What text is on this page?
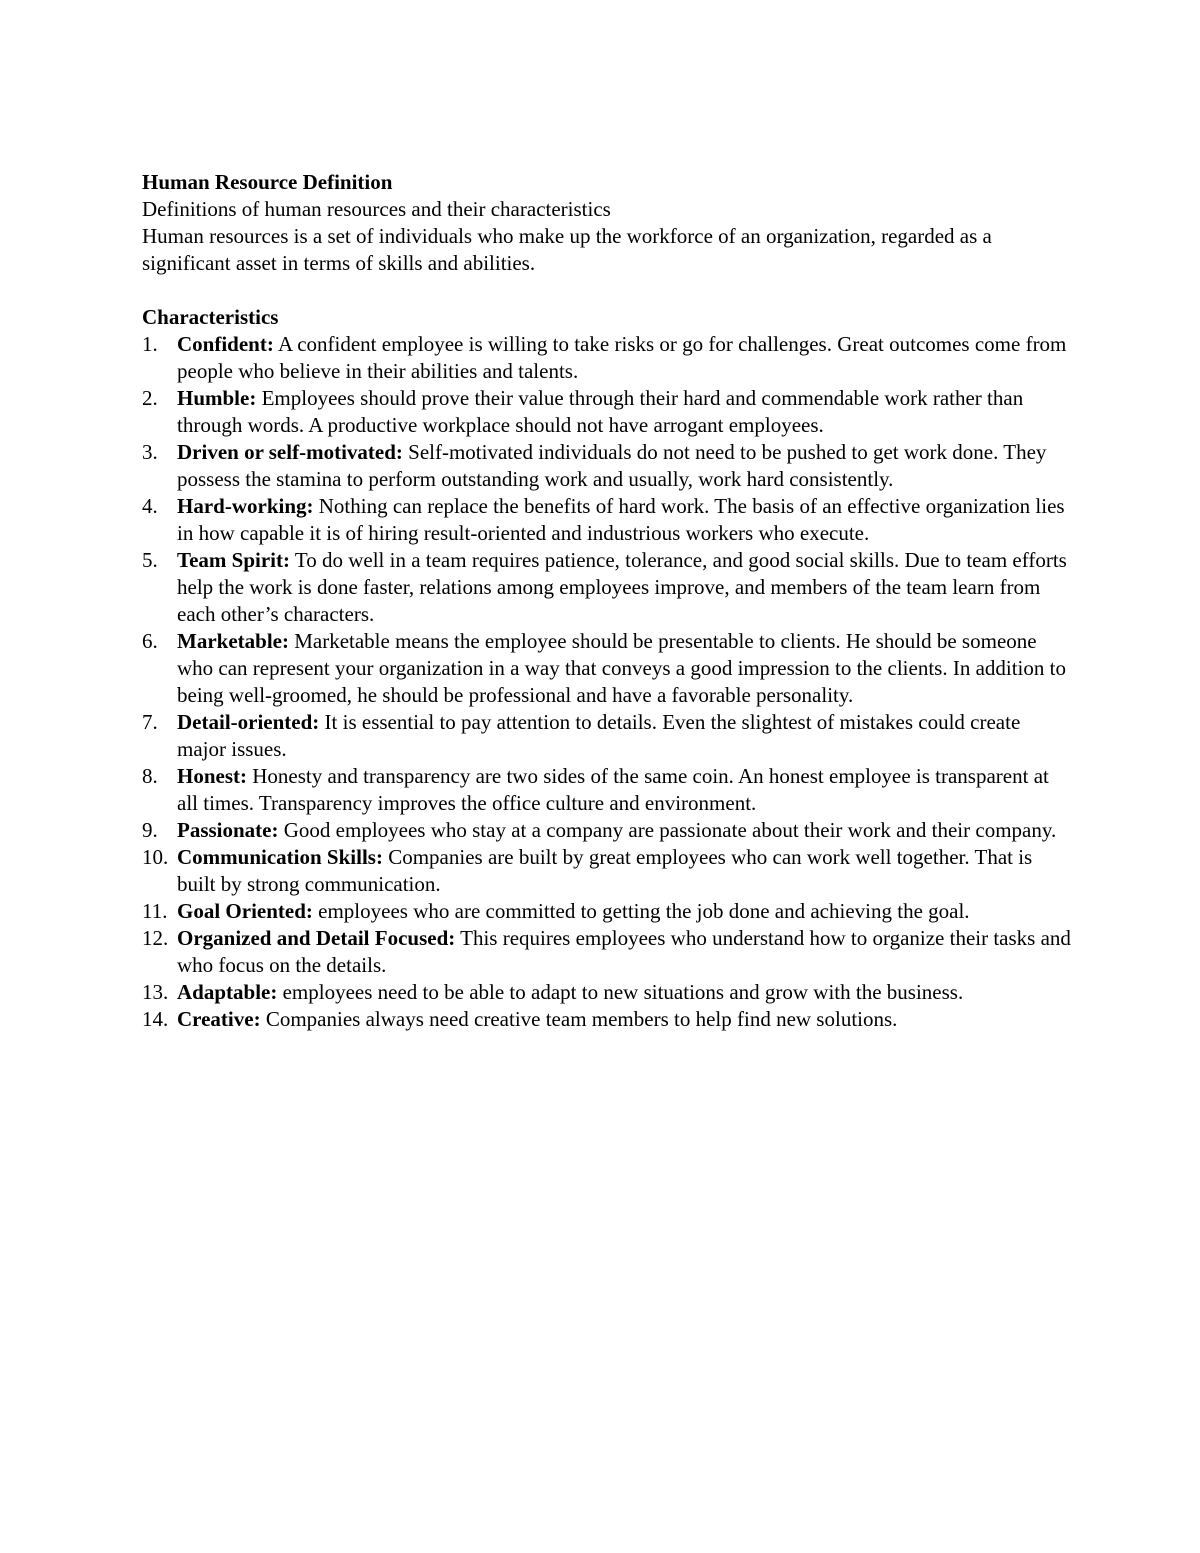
Human Resource Definition

Definitions of human resources and their characteristics

Human resources is a set of individuals who make up the workforce of an organization, regarded as a significant asset in terms of skills and abilities.

Characteristics

1. Confident: A confident employee is willing to take risks or go for challenges. Great outcomes come from people who believe in their abilities and talents.
2. Humble: Employees should prove their value through their hard and commendable work rather than through words. A productive workplace should not have arrogant employees.
3. Driven or self-motivated: Self-motivated individuals do not need to be pushed to get work done. They possess the stamina to perform outstanding work and usually, work hard consistently.
4. Hard-working: Nothing can replace the benefits of hard work. The basis of an effective organization lies in how capable it is of hiring result-oriented and industrious workers who execute.
5. Team Spirit: To do well in a team requires patience, tolerance, and good social skills. Due to team efforts help the work is done faster, relations among employees improve, and members of the team learn from each other’s characters.
6. Marketable: Marketable means the employee should be presentable to clients. He should be someone who can represent your organization in a way that conveys a good impression to the clients. In addition to being well-groomed, he should be professional and have a favorable personality.
7. Detail-oriented: It is essential to pay attention to details. Even the slightest of mistakes could create major issues.
8. Honest: Honesty and transparency are two sides of the same coin. An honest employee is transparent at all times. Transparency improves the office culture and environment.
9. Passionate: Good employees who stay at a company are passionate about their work and their company.
10. Communication Skills: Companies are built by great employees who can work well together. That is built by strong communication.
11. Goal Oriented: employees who are committed to getting the job done and achieving the goal.
12. Organized and Detail Focused: This requires employees who understand how to organize their tasks and who focus on the details.
13. Adaptable: employees need to be able to adapt to new situations and grow with the business.
14. Creative: Companies always need creative team members to help find new solutions.
